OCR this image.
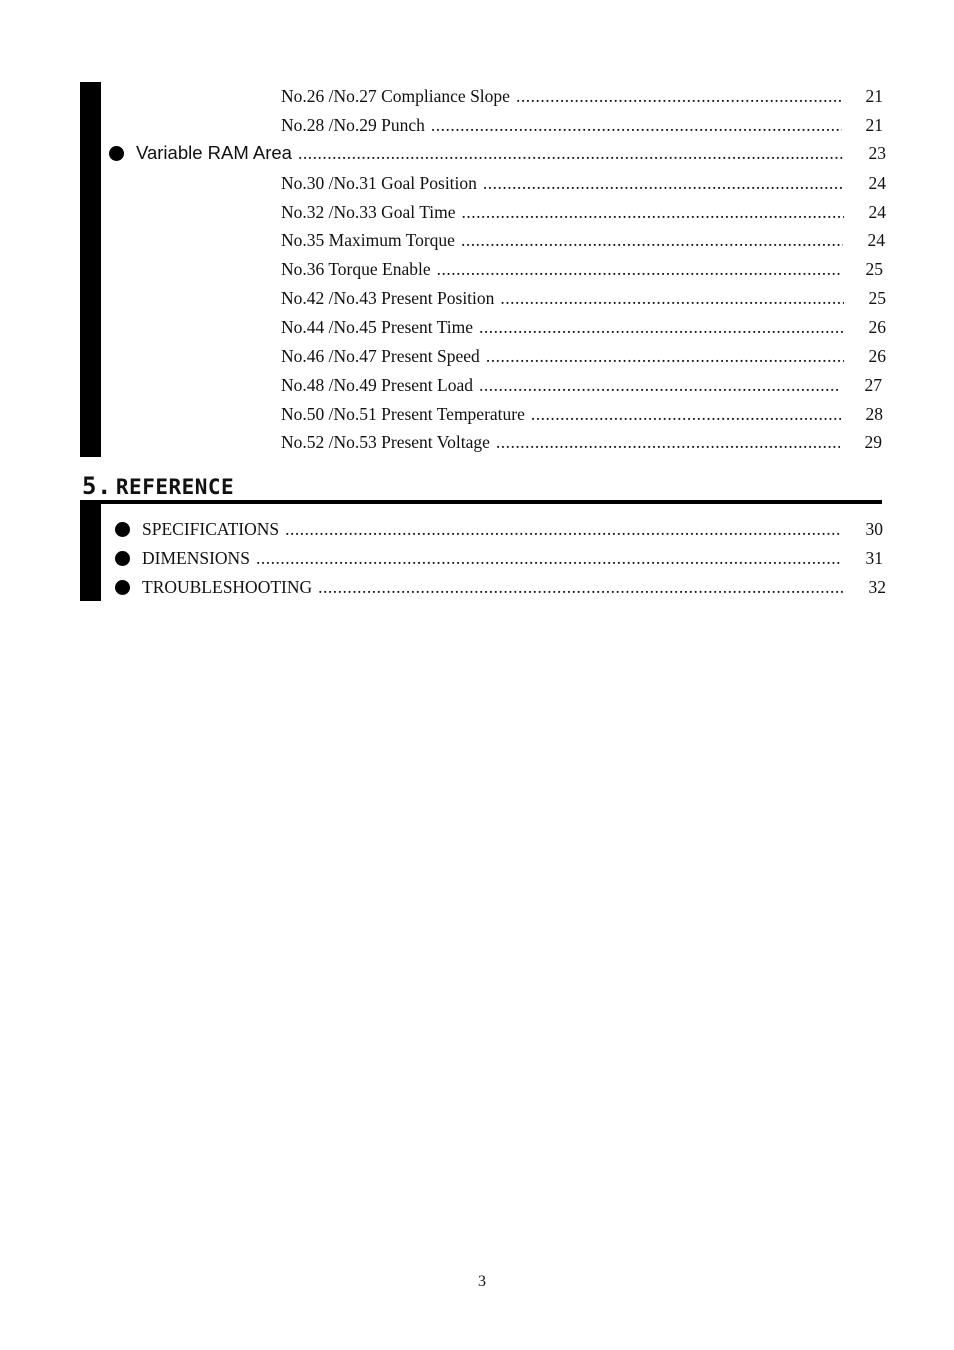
No.26 /No.27 Compliance Slope .....	21
No.28 /No.29 Punch .....	21
Variable RAM Area .....	23
No.30 /No.31 Goal Position .....	24
No.32 /No.33 Goal Time .....	24
No.35 Maximum Torque .....	24
No.36 Torque Enable .....	25
No.42 /No.43 Present Position .....	25
No.44 /No.45 Present Time .....	26
No.46 /No.47 Present Speed .....	26
No.48 /No.49 Present Load .....	27
No.50 /No.51 Present Temperature .....	28
No.52 /No.53 Present Voltage .....	29
5. REFERENCE
SPECIFICATIONS .....	30
DIMENSIONS .....	31
TROUBLESHOOTING .....	32
3
